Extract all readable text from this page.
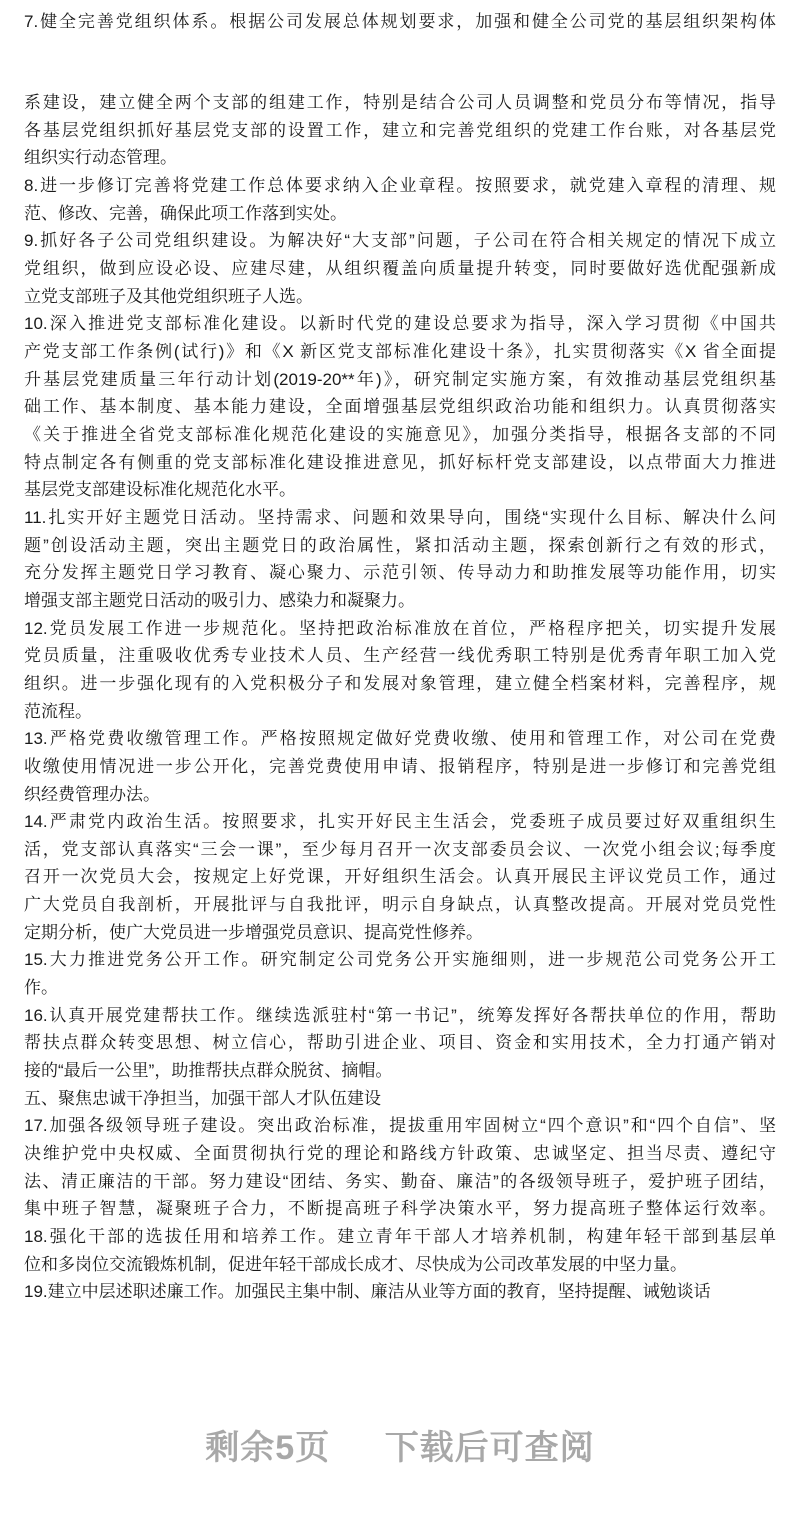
7.健全完善党组织体系。根据公司发展总体规划要求，加强和健全公司党的基层组织架构体
系建设，建立健全两个支部的组建工作，特别是结合公司人员调整和党员分布等情况，指导
各基层党组织抓好基层党支部的设置工作，建立和完善党组织的党建工作台账，对各基层党
组织实行动态管理。
8.进一步修订完善将党建工作总体要求纳入企业章程。按照要求，就党建入章程的清理、规
范、修改、完善，确保此项工作落到实处。
9.抓好各子公司党组织建设。为解决好“大支部”问题，子公司在符合相关规定的情况下成立
党组织，做到应设必设、应建尽建，从组织覆盖向质量提升转变，同时要做好选优配强新成
立党支部班子及其他党组织班子人选。
10.深入推进党支部标准化建设。以新时代党的建设总要求为指导，深入学习贯彻《中国共
产党支部工作条例(试行)》和《X 新区党支部标准化建设十条》，扎实贯彻落实《X 省全面提
升基层党建质量三年行动计划(2019-20**年)》，研究制定实施方案，有效推动基层党组织基
础工作、基本制度、基本能力建设，全面增强基层党组织政治功能和组织力。认真贯彻落实
《关于推进全省党支部标准化规范化建设的实施意见》，加强分类指导，根据各支部的不同
特点制定各有侧重的党支部标准化建设推进意见，抓好标杆党支部建设，以点带面大力推进
基层党支部建设标准化规范化水平。
11.扎实开好主题党日活动。坚持需求、问题和效果导向，围绕“实现什么目标、解决什么问
题”创设活动主题，突出主题党日的政治属性，紧扣活动主题，探索创新行之有效的形式，
充分发挥主题党日学习教育、凝心聚力、示范引领、传导动力和助推发展等功能作用，切实
增强支部主题党日活动的吸引力、感染力和凝聚力。
12.党员发展工作进一步规范化。坚持把政治标准放在首位，严格程序把关，切实提升发展
党员质量，注重吸收优秀专业技术人员、生产经营一线优秀职工特别是优秀青年职工加入党
组织。进一步强化现有的入党积极分子和发展对象管理，建立健全档案材料，完善程序，规
范流程。
13.严格党费收缴管理工作。严格按照规定做好党费收缴、使用和管理工作，对公司在党费
收缴使用情况进一步公开化，完善党费使用申请、报销程序，特别是进一步修订和完善党组
织经费管理办法。
14.严肃党内政治生活。按照要求，扎实开好民主生活会，党委班子成员要过好双重组织生
活，党支部认真落实“三会一课”，至少每月召开一次支部委员会议、一次党小组会议;每季度
召开一次党员大会，按规定上好党课，开好组织生活会。认真开展民主评议党员工作，通过
广大党员自我剖析，开展批评与自我批评，明示自身缺点，认真整改提高。开展对党员党性
定期分析，使广大党员进一步增强党员意识、提高党性修养。
15.大力推进党务公开工作。研究制定公司党务公开实施细则，进一步规范公司党务公开工
作。
16.认真开展党建帮扶工作。继续选派驻村“第一书记”，统筹发挥好各帮扶单位的作用，帮助
帮扶点群众转变思想、树立信心，帮助引进企业、项目、资金和实用技术，全力打通产销对
接的“最后一公里”，助推帮扶点群众脱贫、摘帽。
五、聚焦忠诚干净担当，加强干部人才队伍建设
17.加强各级领导班子建设。突出政治标准，提拔重用牢固树立“四个意识”和“四个自信”、坚
决维护党中央权威、全面贯彻执行党的理论和路线方针政策、忠诚坚定、担当尽责、遵纪守
法、清正廉洁的干部。努力建设“团结、务实、勤奋、廉洁”的各级领导班子，爱护班子团结，
集中班子智慧，凝聚班子合力，不断提高班子科学决策水平，努力提高班子整体运行效率。
18.强化干部的选拔任用和培养工作。建立青年干部人才培养机制，构建年轻干部到基层单
位和多岗位交流锻炼机制，促进年轻干部成长成才、尽快成为公司改革发展的中坚力量。
19.建立中层述职述廉工作。加强民主集中制、廉洁从业等方面的教育，坚持提醒、诫勉谈话
剩余5页 下载后可查阅
